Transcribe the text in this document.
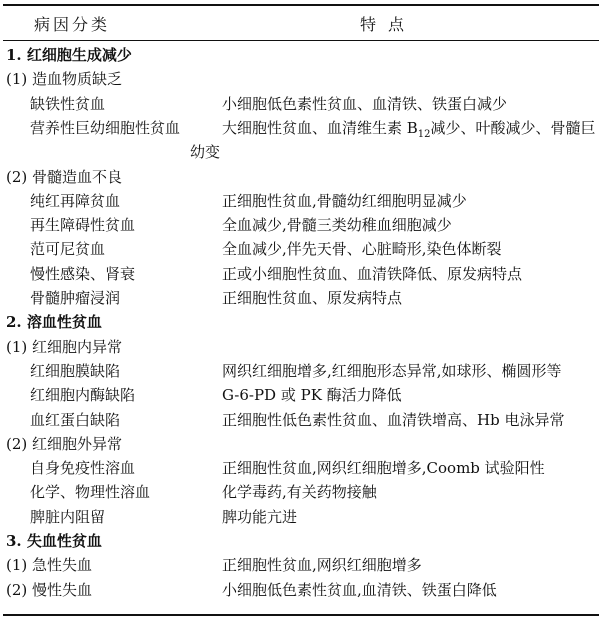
病因分类	特点
1. 红细胞生成减少
(1) 造血物质缺乏
缺铁性贫血	小细胞低色素性贫血、血清铁、铁蛋白减少
营养性巨幼细胞性贫血	大细胞性贫血、血清维生素 $B_{12}$减少、叶酸减少、骨髓巨
幼变
(2) 骨髓造血不良
纯红再障贫血	正细胞性贫血,骨髓幼红细胞明显减少
再生障碍性贫血	全血减少,骨髓三类幼稚血细胞减少
范可尼贫血	全血减少,伴先天骨、心脏畸形,染色体断裂
慢性感染、肾衰	正或小细胞性贫血、血清铁降低、原发病特点
骨髓肿瘤浸润	正细胞性贫血、原发病特点
2. 溶血性贫血
(1) 红细胞内异常
红细胞膜缺陷	网织红细胞增多,红细胞形态异常,如球形、椭圆形等
红细胞内酶缺陷	G-6-PD 或 PK 酶活力降低
血红蛋白缺陷	正细胞性低色素性贫血、血清铁增高、Hb 电泳异常
(2) 红细胞外异常
自身免疫性溶血	正细胞性贫血,网织红细胞增多,Coomb 试验阳性
化学、物理性溶血	化学毒药,有关药物接触
脾脏内阻留	脾功能亢进
3. 失血性贫血
(1) 急性失血	正细胞性贫血,网织红细胞增多
(2) 慢性失血	小细胞低色素性贫血,血清铁、铁蛋白降低
